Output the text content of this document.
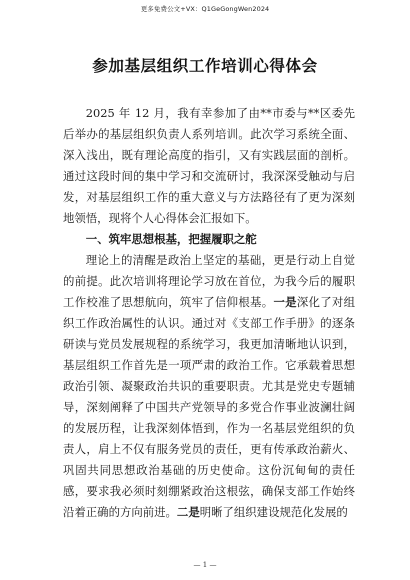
更多免费公文+VX：Q1GeGongWen2024
参加基层组织工作培训心得体会

2025 年 12 月，我有幸参加了由**市委与**区委先后举办的基层组织负责人系列培训。此次学习系统全面、深入浅出，既有理论高度的指引，又有实践层面的剖析。通过这段时间的集中学习和交流研讨，我深深受触动与启发，对基层组织工作的重大意义与方法路径有了更为深刻地领悟，现将个人心得体会汇报如下。

一、筑牢思想根基，把握履职之舵

理论上的清醒是政治上坚定的基础，更是行动上自觉的前提。此次培训将理论学习放在首位，为我今后的履职工作校准了思想航向，筑牢了信仰根基。一是深化了对组织工作政治属性的认识。通过对《支部工作手册》的逐条研读与党员发展规程的系统学习，我更加清晰地认识到，基层组织工作首先是一项严肃的政治工作。它承载着思想政治引领、凝聚政治共识的重要职责。尤其是党史专题辅导，深刻阐释了中国共产党领导的多党合作事业波澜壮阔的发展历程，让我深刻体悟到，作为一名基层党组织的负责人，肩上不仅有服务党员的责任，更有传承政治薪火、巩固共同思想政治基础的历史使命。这份沉甸甸的责任感，要求我必须时刻绷紧政治这根弦，确保支部工作始终沿着正确的方向前进。二是明晰了组织建设规范化发展的

— 1 —
